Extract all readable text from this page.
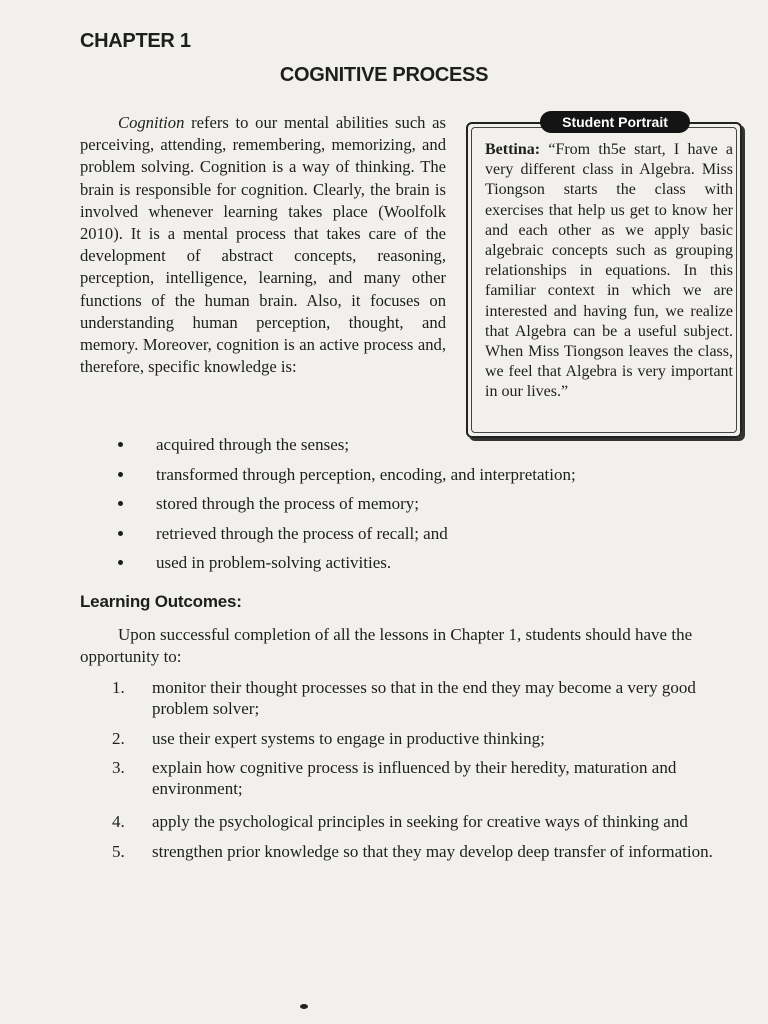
CHAPTER 1
COGNITIVE PROCESS

Cognition refers to our mental abilities such as perceiving, attending, remembering, memorizing, and problem solving. Cognition is a way of thinking. The brain is responsible for cognition. Clearly, the brain is involved whenever learning takes place (Woolfolk 2010). It is a mental process that takes care of the development of abstract concepts, reasoning, perception, intelligence, learning, and many other functions of the human brain. Also, it focuses on understanding human perception, thought, and memory. Moreover, cognition is an active process and, therefore, specific knowledge is:

Student Portrait

Bettina: “From th5e start, I have a very different class in Algebra. Miss Tiongson starts the class with exercises that help us get to know her and each other as we apply basic algebraic concepts such as grouping relationships in equations. In this familiar context in which we are interested and having fun, we realize that Algebra can be a useful subject. When Miss Tiongson leaves the class, we feel that Algebra is very important in our lives.”

acquired through the senses;
transformed through perception, encoding, and interpretation;
stored through the process of memory;
retrieved through the process of recall; and
used in problem-solving activities.
Learning Outcomes:

Upon successful completion of all the lessons in Chapter 1, students should have the opportunity to:

1. monitor their thought processes so that in the end they may become a very good problem solver;
2. use their expert systems to engage in productive thinking;
3. explain how cognitive process is influenced by their heredity, maturation and environment;
4. apply the psychological principles in seeking for creative ways of thinking and
5. strengthen prior knowledge so that they may develop deep transfer of information.
